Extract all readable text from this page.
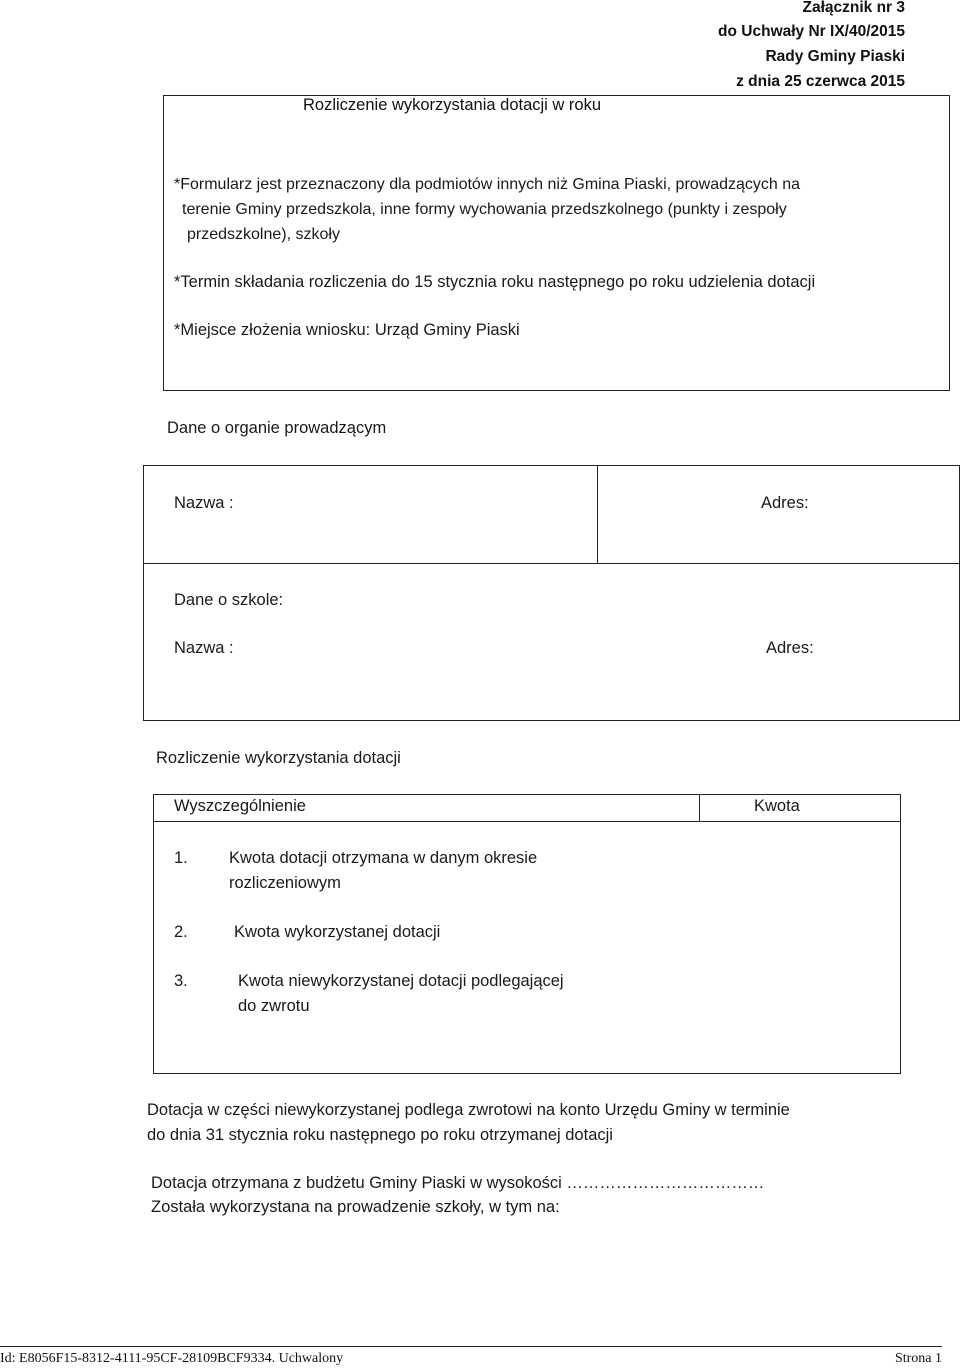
Załącznik nr 3
do Uchwały Nr IX/40/2015
Rady Gminy Piaski
z dnia 25 czerwca 2015
Rozliczenie wykorzystania dotacji w roku
*Formularz jest przeznaczony dla podmiotów innych niż Gmina Piaski, prowadzących na
terenie Gminy przedszkola, inne formy wychowania przedszkolnego (punkty i zespoły
przedszkolne), szkoły
*Termin składania rozliczenia do 15 stycznia roku następnego po roku udzielenia dotacji
*Miejsce złożenia wniosku: Urząd Gminy Piaski
Dane o organie prowadzącym
Nazwa :	Adres:
Dane o szkole:
Nazwa :	Adres:
Rozliczenie wykorzystania dotacji
Wyszczególnienie	Kwota
1. Kwota dotacji otrzymana w danym okresie
rozliczeniowym
2.	Kwota wykorzystanej dotacji
3.	Kwota niewykorzystanej dotacji podlegającej
do zwrotu
Dotacja w części niewykorzystanej podlega zwrotowi na konto Urzędu Gminy w terminie
do dnia 31 stycznia roku następnego po roku otrzymanej dotacji
Dotacja otrzymana z budżetu Gminy Piaski w wysokości ………………………………
Została wykorzystana na prowadzenie szkoły, w tym na:
Id: E8056F15-8312-4111-95CF-28109BCF9334. Uchwalony	Strona 1
